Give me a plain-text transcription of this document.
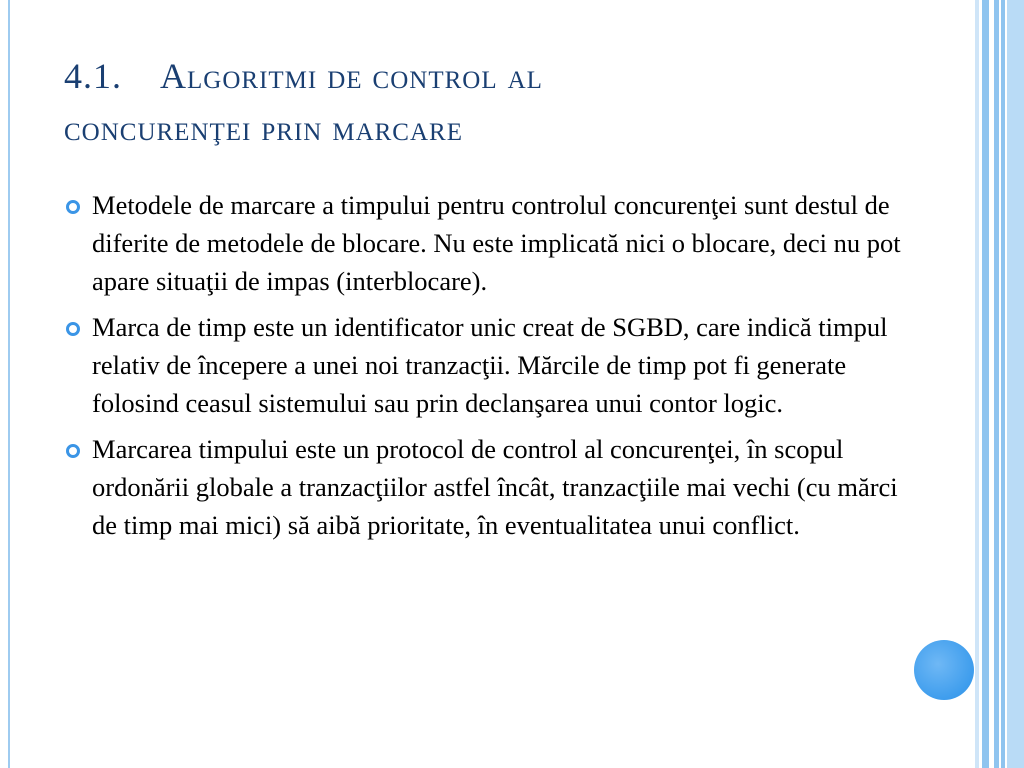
4.1.    Algoritmi de control al
concurenţei prin marcare
Metodele de marcare a timpului pentru controlul concurenţei sunt destul de diferite de metodele de blocare. Nu este implicată nici o blocare, deci nu pot apare situaţii de impas (interblocare).
Marca de timp este un identificator unic creat de SGBD, care indică timpul relativ de începere a unei noi tranzacţii. Mărcile de timp pot fi generate folosind ceasul sistemului sau prin declanşarea unui contor logic.
Marcarea timpului este un protocol de control al concurenţei, în scopul ordonării globale a tranzacţiilor astfel încât, tranzacţiile mai vechi (cu mărci de timp mai mici) să aibă prioritate, în eventualitatea unui conflict.
